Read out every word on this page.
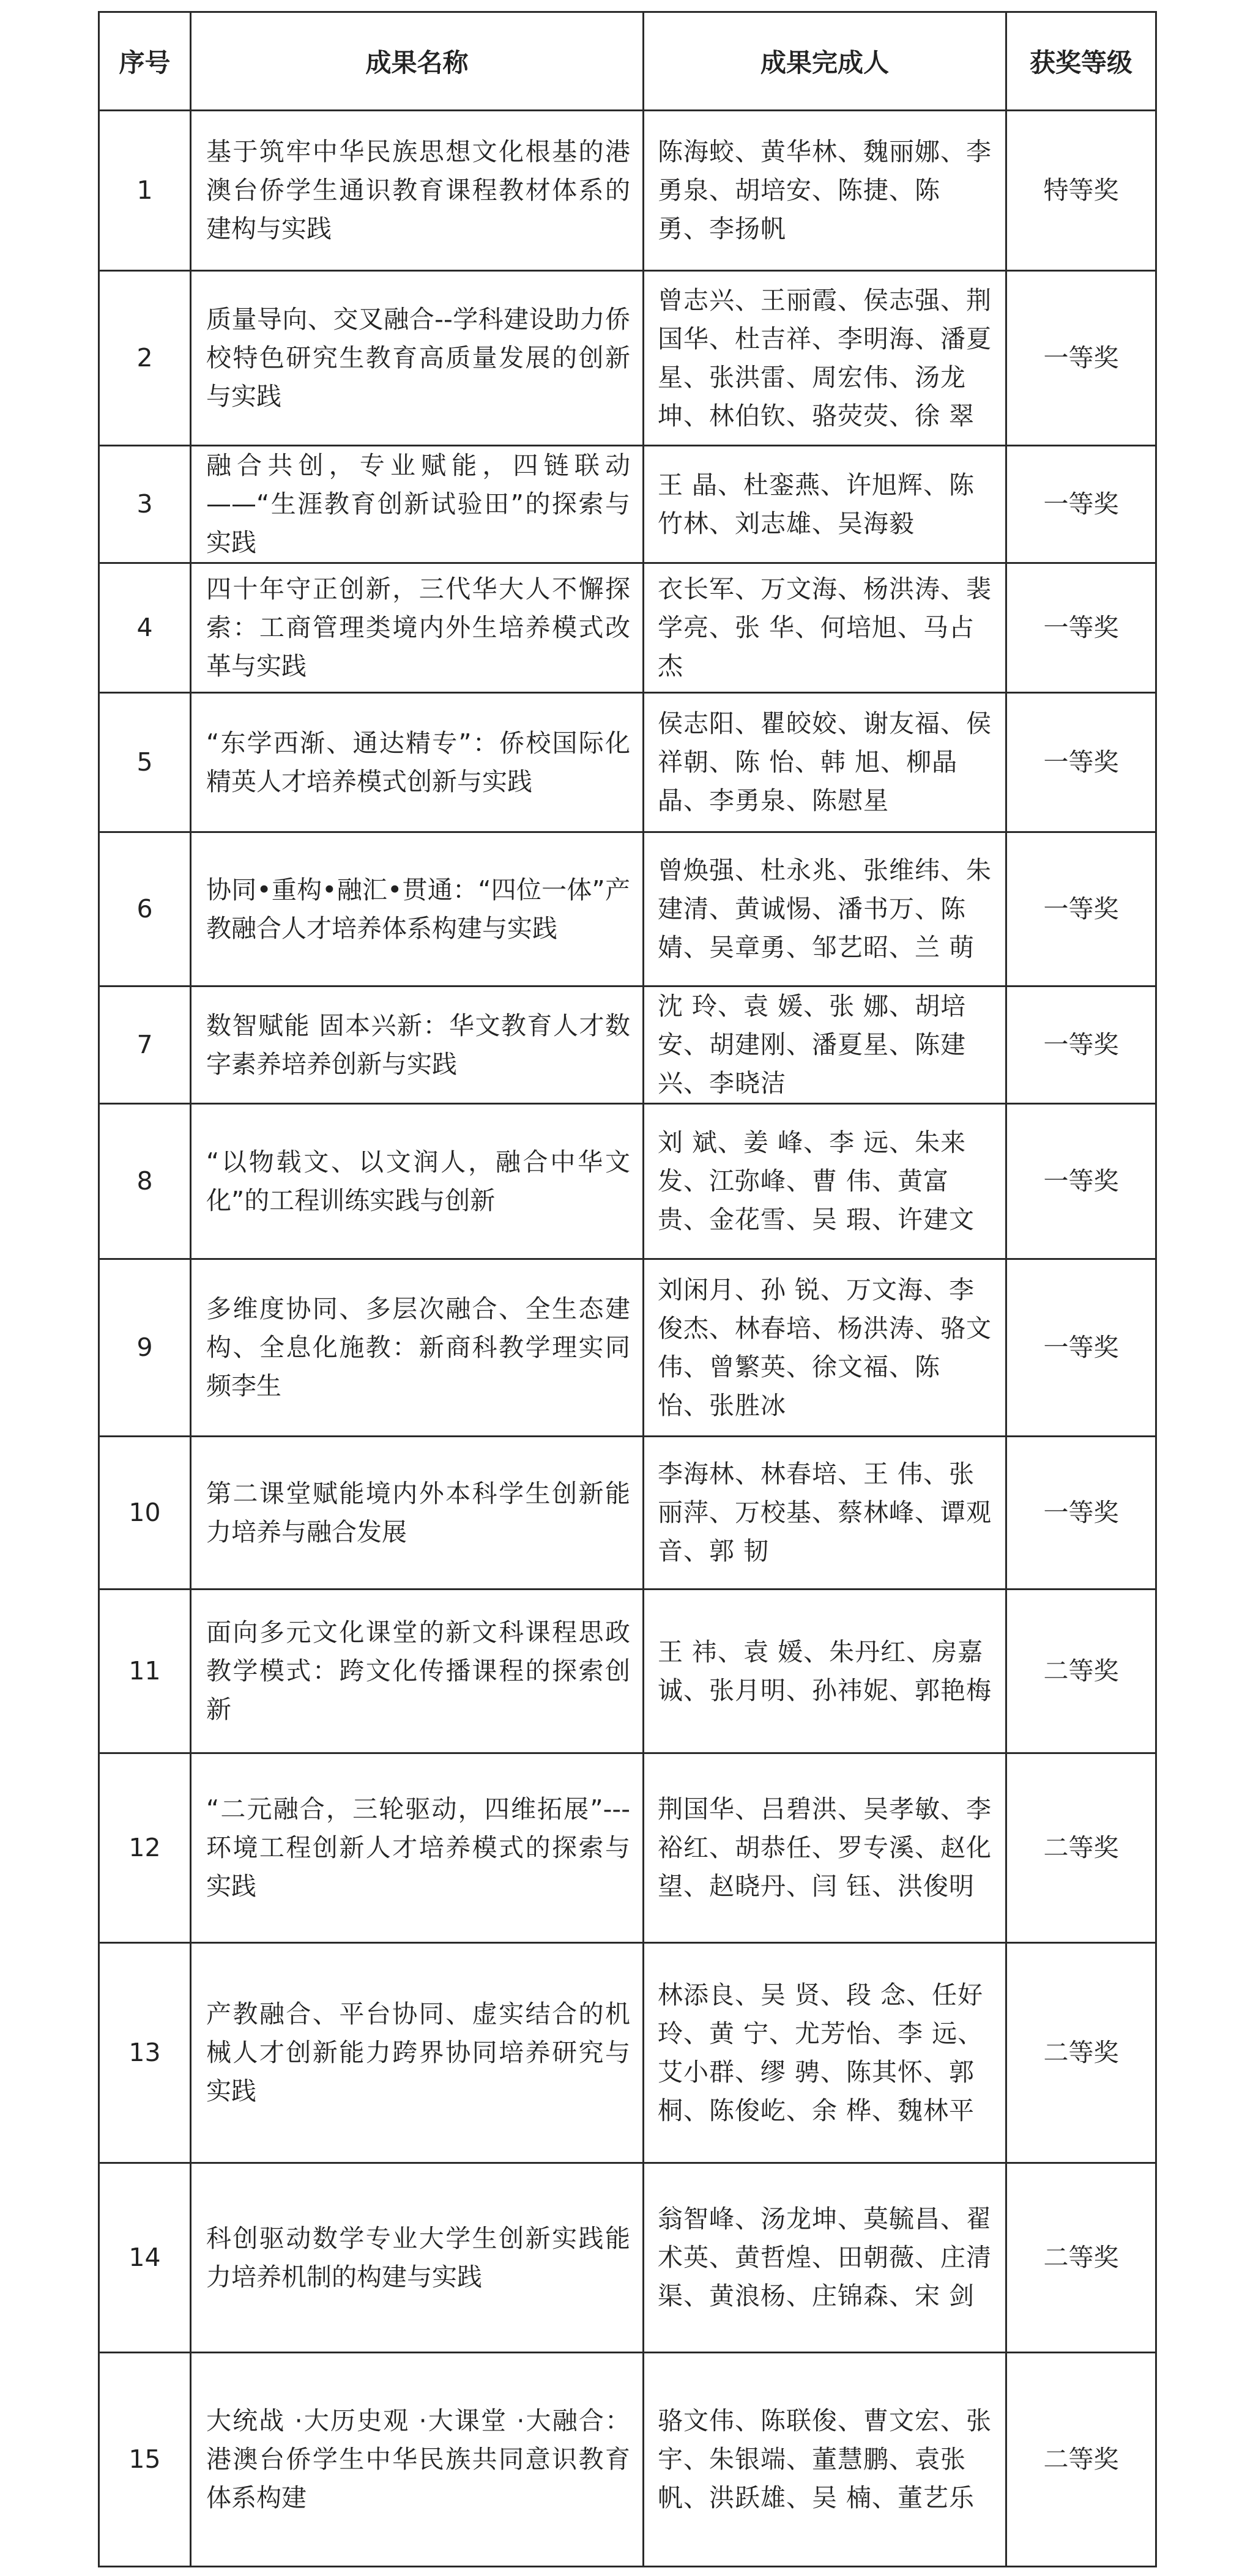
序号	成果名称	成果完成人	获奖等级
1	基于筑牢中华民族思想文化根基的港澳台侨学生通识教育课程教材体系的建构与实践	陈海蛟、黄华林、魏丽娜、李勇泉、胡培安、陈捷、陈 勇、李扬帆	特等奖
2	质量导向、交叉融合--学科建设助力侨校特色研究生教育高质量发展的创新与实践	曾志兴、王丽霞、侯志强、荆国华、杜吉祥、李明海、潘夏星、张洪雷、周宏伟、汤龙坤、林伯钦、骆荧荧、徐 翠	一等奖
3	融合共创，专业赋能，四链联动——“生涯教育创新试验田”的探索与实践	王 晶、杜銮燕、许旭辉、陈竹林、刘志雄、吴海毅	一等奖
4	四十年守正创新，三代华大人不懈探索：工商管理类境内外生培养模式改革与实践	衣长军、万文海、杨洪涛、裴学亮、张 华、何培旭、马占杰	一等奖
5	“东学西渐、通达精专”：侨校国际化精英人才培养模式创新与实践	侯志阳、瞿皎姣、谢友福、侯祥朝、陈 怡、韩 旭、柳晶晶、李勇泉、陈慰星	一等奖
6	协同•重构•融汇•贯通：“四位一体”产教融合人才培养体系构建与实践	曾焕强、杜永兆、张维纬、朱建清、黄诚惕、潘书万、陈 婧、吴章勇、邹艺昭、兰 萌	一等奖
7	数智赋能 固本兴新：华文教育人才数字素养培养创新与实践	沈 玲、袁 媛、张 娜、胡培安、胡建刚、潘夏星、陈建兴、李晓洁	一等奖
8	“以物载文、以文润人，融合中华文化”的工程训练实践与创新	刘 斌、姜 峰、李 远、朱来发、江弥峰、曹 伟、黄富贵、金花雪、吴 瑕、许建文	一等奖
9	多维度协同、多层次融合、全生态建构、全息化施教：新商科教学理实同频李生	刘闲月、孙 锐、万文海、李俊杰、林春培、杨洪涛、骆文伟、曾繁英、徐文福、陈 怡、张胜冰	一等奖
10	第二课堂赋能境内外本科学生创新能力培养与融合发展	李海林、林春培、王 伟、张丽萍、万校基、蔡林峰、谭观音、郭 韧	一等奖
11	面向多元文化课堂的新文科课程思政教学模式：跨文化传播课程的探索创新	王 祎、袁 媛、朱丹红、房嘉诚、张月明、孙祎妮、郭艳梅	二等奖
12	“二元融合，三轮驱动，四维拓展”---环境工程创新人才培养模式的探索与实践	荆国华、吕碧洪、吴孝敏、李裕红、胡恭任、罗专溪、赵化望、赵晓丹、闫 钰、洪俊明	二等奖
13	产教融合、平台协同、虚实结合的机械人才创新能力跨界协同培养研究与实践	林添良、吴 贤、段 念、任好玲、黄 宁、尤芳怡、李 远、艾小群、缪 骋、陈其怀、郭 桐、陈俊屹、余 桦、魏林平	二等奖
14	科创驱动数学专业大学生创新实践能力培养机制的构建与实践	翁智峰、汤龙坤、莫毓昌、翟术英、黄哲煌、田朝薇、庄清渠、黄浪杨、庄锦森、宋 剑	二等奖
15	大统战 ·大历史观 ·大课堂 ·大融合：港澳台侨学生中华民族共同意识教育体系构建	骆文伟、陈联俊、曹文宏、张 宇、朱银端、董慧鹏、袁张帆、洪跃雄、吴 楠、董艺乐	二等奖
